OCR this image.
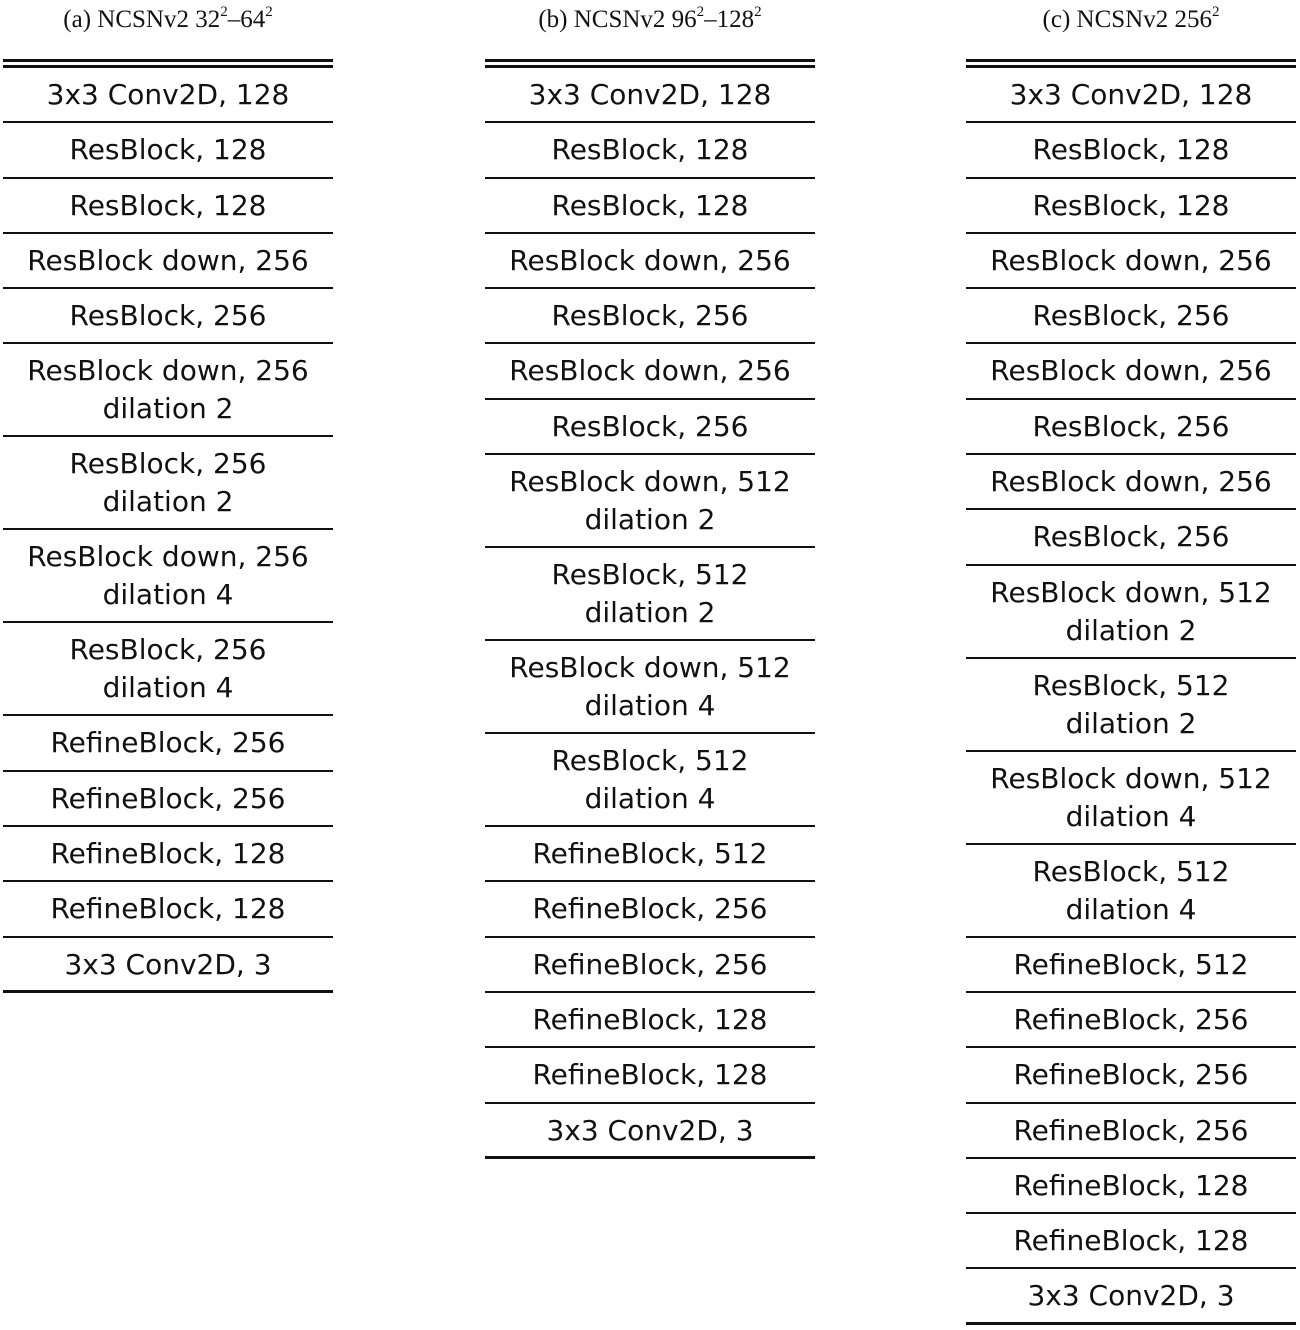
(a) NCSNv2 $32^2-64^2$
3x3 Conv2D, 128
ResBlock, 128
ResBlock, 128
ResBlock down, 256
ResBlock, 256
ResBlock down, 256
dilation 2
ResBlock, 256
dilation 2
ResBlock down, 256
dilation 4
ResBlock, 256
dilation 4
RefineBlock, 256
RefineBlock, 256
RefineBlock, 128
RefineBlock, 128
3x3 Conv2D, 3
(b) NCSNv2 $96^2-128^2$
3x3 Conv2D, 128
ResBlock, 128
ResBlock, 128
ResBlock down, 256
ResBlock, 256
ResBlock down, 256
ResBlock, 256
ResBlock down, 512
dilation 2
ResBlock, 512
dilation 2
ResBlock down, 512
dilation 4
ResBlock, 512
dilation 4
RefineBlock, 512
RefineBlock, 256
RefineBlock, 256
RefineBlock, 128
RefineBlock, 128
3x3 Conv2D, 3
(c) NCSNv2 $256^2$
3x3 Conv2D, 128
ResBlock, 128
ResBlock, 128
ResBlock down, 256
ResBlock, 256
ResBlock down, 256
ResBlock, 256
ResBlock down, 256
ResBlock, 256
ResBlock down, 512
dilation 2
ResBlock, 512
dilation 2
ResBlock down, 512
dilation 4
ResBlock, 512
dilation 4
RefineBlock, 512
RefineBlock, 256
RefineBlock, 256
RefineBlock, 256
RefineBlock, 128
RefineBlock, 128
3x3 Conv2D, 3
